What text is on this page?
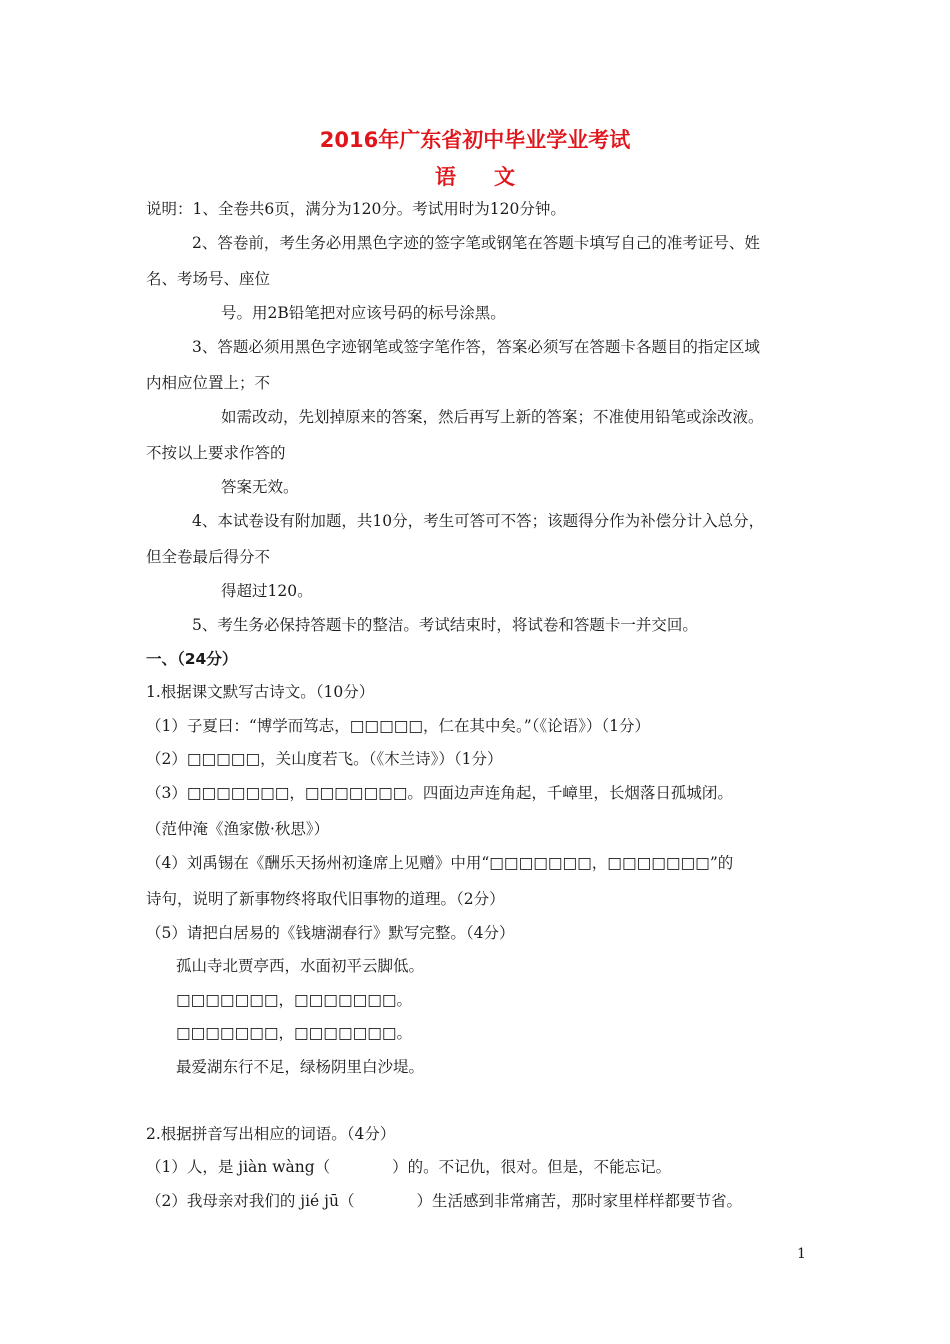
2016年广东省初中毕业学业考试
语文
说明：1、全卷共6页，满分为120分。考试用时为120分钟。
2、答卷前，考生务必用黑色字迹的签字笔或钢笔在答题卡填写自己的准考证号、姓
名、考场号、座位
号。用2B铅笔把对应该号码的标号涂黑。
3、答题必须用黑色字迹钢笔或签字笔作答，答案必须写在答题卡各题目的指定区域
内相应位置上；不
如需改动，先划掉原来的答案，然后再写上新的答案；不准使用铅笔或涂改液。
不按以上要求作答的
答案无效。
4、本试卷设有附加题，共10分，考生可答可不答；该题得分作为补偿分计入总分，
但全卷最后得分不
得超过120。
5、考生务必保持答题卡的整洁。考试结束时，将试卷和答题卡一并交回。
一、（24分）
1.根据课文默写古诗文。（10分）
（1）子夏曰：“博学而笃志，□□□□□，仁在其中矣。”（《论语》）（1分）
（2）□□□□□，关山度若飞。（《木兰诗》）（1分）
（3）□□□□□□□，□□□□□□□。四面边声连角起，千嶂里，长烟落日孤城闭。
（范仲淹《渔家傲·秋思》）
（4）刘禹锡在《酬乐天扬州初逢席上见赠》中用“□□□□□□□，□□□□□□□”的
诗句，说明了新事物终将取代旧事物的道理。（2分）
（5）请把白居易的《钱塘湖春行》默写完整。（4分）
孤山寺北贾亭西，水面初平云脚低。
□□□□□□□，□□□□□□□。
□□□□□□□，□□□□□□□。
最爱湖东行不足，绿杨阴里白沙堤。
2.根据拼音写出相应的词语。（4分）
（1）人，是 jiàn wàng（　　　　）的。不记仇，很对。但是，不能忘记。
（2）我母亲对我们的 jié jū（　　　　）生活感到非常痛苦，那时家里样样都要节省。
1
